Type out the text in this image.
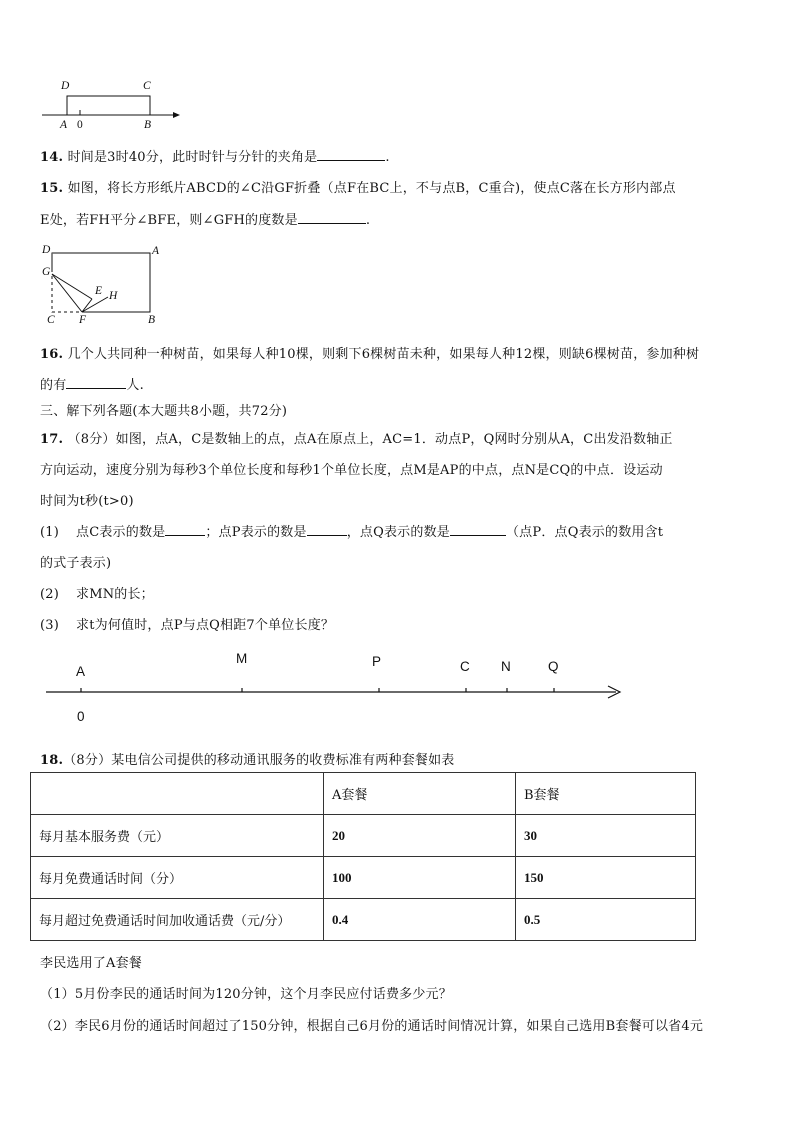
D	C
A 0	B
14. 时间是3时40分，此时时针与分针的夹角是	.
15. 如图，将长方形纸片ABCD的∠C沿GF折叠（点F在BC上，不与点B，C重合)，使点C落在长方形内部点
E处，若FH平分∠BFE，则∠GFH的度数是	.
D	A
G
E H
C F	B
16. 几个人共同种一种树苗，如果每人种10棵，则剩下6棵树苗未种，如果每人种12棵，则缺6棵树苗，参加种树
的有	人.
三、解下列各题(本大题共8小题，共72分)
17. （8分）如图，点A，C是数轴上的点，点A在原点上，AC=1．动点P，Q网时分别从A，C出发沿数轴正
方向运动，速度分别为每秒3个单位长度和每秒1个单位长度，点M是AP的中点，点N是CQ的中点．设运动
时间为t秒(t>0)
(1) 点C表示的数是	；点P表示的数是	，点Q表示的数是	（点P．点Q表示的数用含t
的式子表示)
(2) 求MN的长；
(3) 求t为何值时，点P与点Q相距7个单位长度？
A
0
M	P	C N	Q
18.（8分）某电信公司提供的移动通讯服务的收费标准有两种套餐如表
	A套餐	B套餐
每月基本服务费（元）	20	30
每月免费通话时间（分）	100	150
每月超过免费通话时间加收通话费（元/分）	0.4	0.5
李民选用了A套餐
（1）5月份李民的通话时间为120分钟，这个月李民应付话费多少元？
（2）李民6月份的通话时间超过了150分钟，根据自己6月份的通话时间情况计算，如果自己选用B套餐可以省4元
